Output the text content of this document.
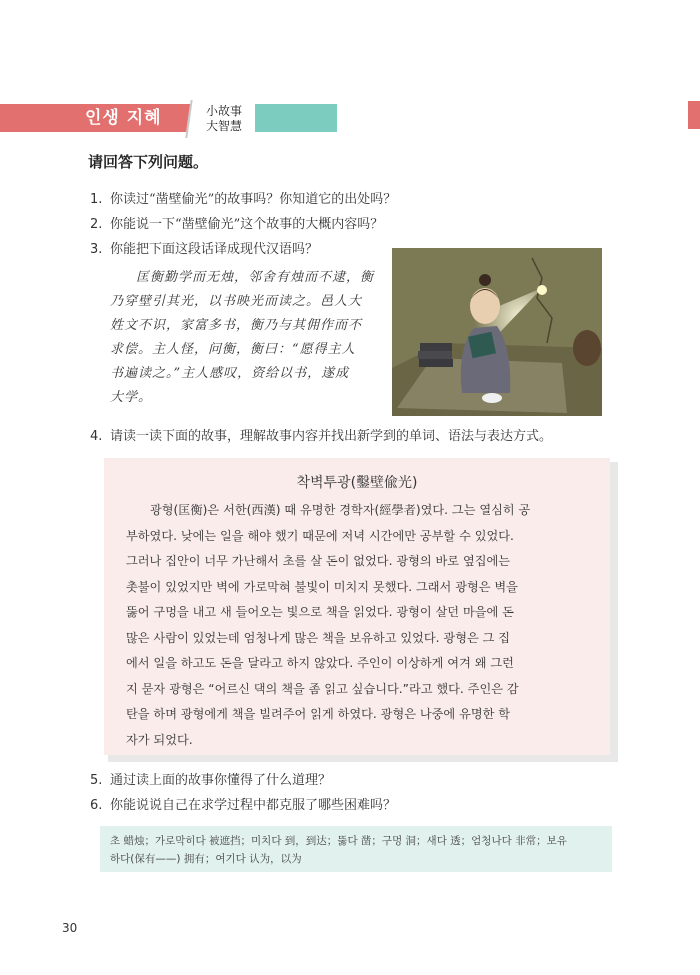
인생 지혜	小故事
大智慧
请回答下列问题。
1. 你读过“凿壁偷光”的故事吗？你知道它的出处吗？
2. 你能说一下“凿壁偷光”这个故事的大概内容吗？
3. 你能把下面这段话译成现代汉语吗？
匡衡勤学而无烛，邻舍有烛而不逮，衡
乃穿壁引其光，以书映光而读之。邑人大
姓文不识，家富多书，衡乃与其佣作而不
求偿。主人怪，问衡，衡曰：“愿得主人
书遍读之。”主人感叹，资给以书，遂成
大学。
4. 请读一读下面的故事，理解故事内容并找出新学到的单词、语法与表达方式。
착벽투광(鑿壁偸光)
광형(匡衡)은 서한(西漢) 때 유명한 경학자(經學者)였다. 그는 열심히 공
부하였다. 낮에는 일을 해야 했기 때문에 저녁 시간에만 공부할 수 있었다.
그러나 집안이 너무 가난해서 초를 살 돈이 없었다. 광형의 바로 옆집에는
촛불이 있었지만 벽에 가로막혀 불빛이 미치지 못했다. 그래서 광형은 벽을
뚫어 구멍을 내고 새 들어오는 빛으로 책을 읽었다. 광형이 살던 마을에 돈
많은 사람이 있었는데 엄청나게 많은 책을 보유하고 있었다. 광형은 그 집
에서 일을 하고도 돈을 달라고 하지 않았다. 주인이 이상하게 여겨 왜 그런
지 묻자 광형은 “어르신 댁의 책을 좀 읽고 싶습니다.”라고 했다. 주인은 감
탄을 하며 광형에게 책을 빌려주어 읽게 하였다. 광형은 나중에 유명한 학
자가 되었다.
5. 通过读上面的故事你懂得了什么道理？
6. 你能说说自己在求学过程中都克服了哪些困难吗？
초 蜡烛；가로막히다 被遮挡；미치다 到，到达；뚫다 凿；구멍 洞；새다 透；엄청나다 非常；보유
하다(保有——) 拥有；여기다 认为，以为
30
